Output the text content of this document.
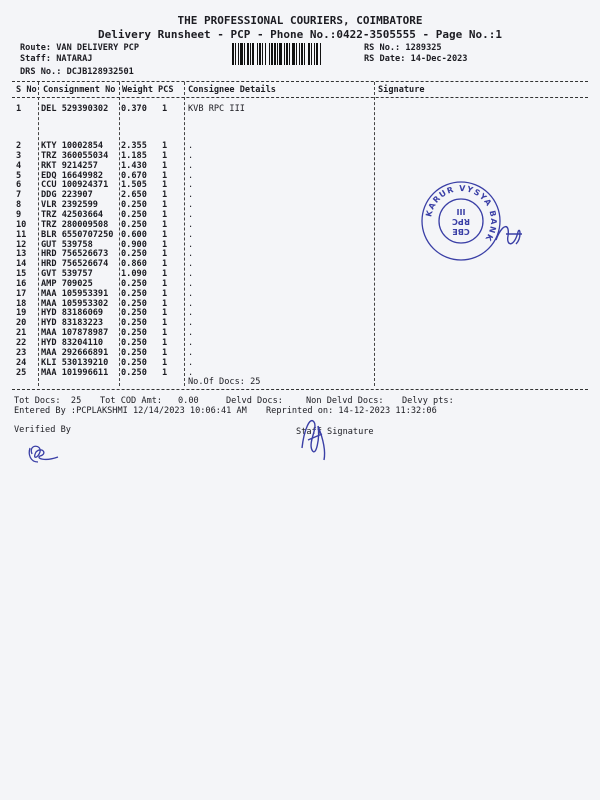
THE PROFESSIONAL COURIERS, COIMBATORE
Delivery Runsheet - PCP - Phone No.:0422-3505555 - Page No.:1
Route: VAN DELIVERY PCP
Staff: NATARAJ
DRS No.: DCJB128932501
RS No.: 1289325
RS Date: 14-Dec-2023
S No Consignment No Weight PCS Consignee Details	Signature
1 DEL 529390302 0.370 1 KVB RPC III
2 KTY 10002854 2.355 1 .
3 TRZ 360055034 1.185 1 .
4 RKT 9214257	1.430 1 .
5 EDQ 16649982 0.670 1 .
6 CCU 100924371 1.505 1 .
7 DDG 223907	2.650 1 .
8 VLR 2392599	0.250 1 .
9 TRZ 42503664 0.250 1 .
10 TRZ 280009508 0.250 1 .
11 BLR 6550707250 0.600 1 .
12 GUT 539758	0.900 1 .
13 HRD 756526673 0.250 1 .
14 HRD 756526674 0.860 1 .
15 GVT 539757	1.090 1 .
16 AMP 709025	0.250 1 .
17 MAA 105953391 0.250 1 .
18 MAA 105953302 0.250 1 .
19 HYD 83186069 0.250 1 .
20 HYD 83183223 0.250 1 .
21 MAA 107878987 0.250 1 .
22 HYD 83204110 0.250 1 .
23 MAA 292666891 0.250 1 .
24 KLI 530139210 0.250 1 .
25 MAA 101996611 0.250 1 .
No.Of Docs: 25
KARUR VYSYA BANK
CBE
RPC
III
Tot Docs:  25 Tot COD Amt: 0.00	Delvd Docs:	Non Delvd Docs: Delvy pts:
Entered By :PCPLAKSHMI 12/14/2023 10:06:41 AM Reprinted on: 14-12-2023 11:32:06
Verified By	Staff Signature
